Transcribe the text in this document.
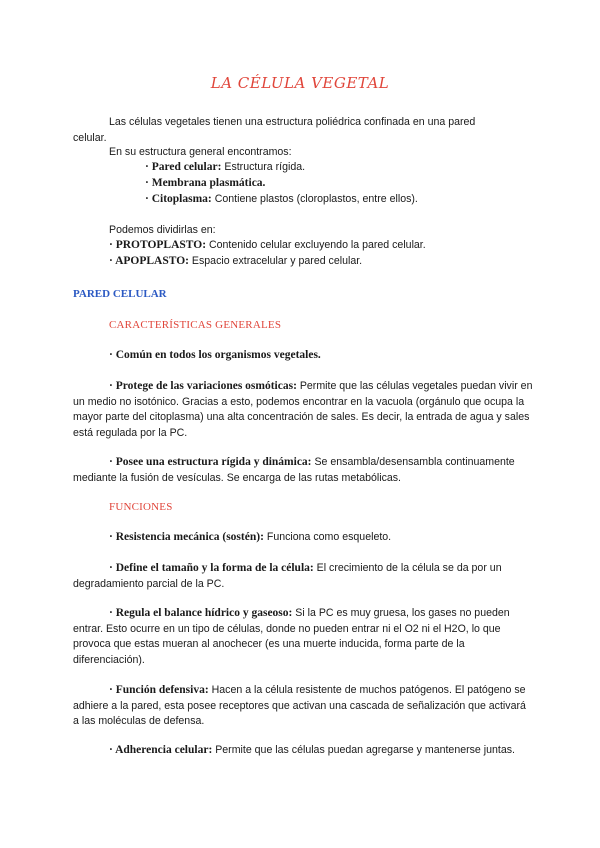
LA CÉLULA VEGETAL

Las células vegetales tienen una estructura poliédrica confinada en una pared celular.

En su estructura general encontramos:

· Pared celular: Estructura rígida.

· Membrana plasmática.

· Citoplasma: Contiene plastos (cloroplastos, entre ellos).

Podemos dividirlas en:

· PROTOPLASTO: Contenido celular excluyendo la pared celular.

· APOPLASTO: Espacio extracelular y pared celular.

PARED CELULAR
CARACTERÍSTICAS GENERALES

· Común en todos los organismos vegetales.

· Protege de las variaciones osmóticas: Permite que las células vegetales puedan vivir en un medio no isotónico. Gracias a esto, podemos encontrar en la vacuola (orgánulo que ocupa la mayor parte del citoplasma) una alta concentración de sales. Es decir, la entrada de agua y sales está regulada por la PC.

· Posee una estructura rígida y dinámica: Se ensambla/desensambla continuamente mediante la fusión de vesículas. Se encarga de las rutas metabólicas.

FUNCIONES

· Resistencia mecánica (sostén): Funciona como esqueleto.

· Define el tamaño y la forma de la célula: El crecimiento de la célula se da por un degradamiento parcial de la PC.

· Regula el balance hídrico y gaseoso: Si la PC es muy gruesa, los gases no pueden entrar. Esto ocurre en un tipo de células, donde no pueden entrar ni el O2 ni el H2O, lo que provoca que estas mueran al anochecer (es una muerte inducida, forma parte de la diferenciación).

· Función defensiva: Hacen a la célula resistente de muchos patógenos. El patógeno se adhiere a la pared, esta posee receptores que activan una cascada de señalización que activará a las moléculas de defensa.

· Adherencia celular: Permite que las células puedan agregarse y mantenerse juntas.
